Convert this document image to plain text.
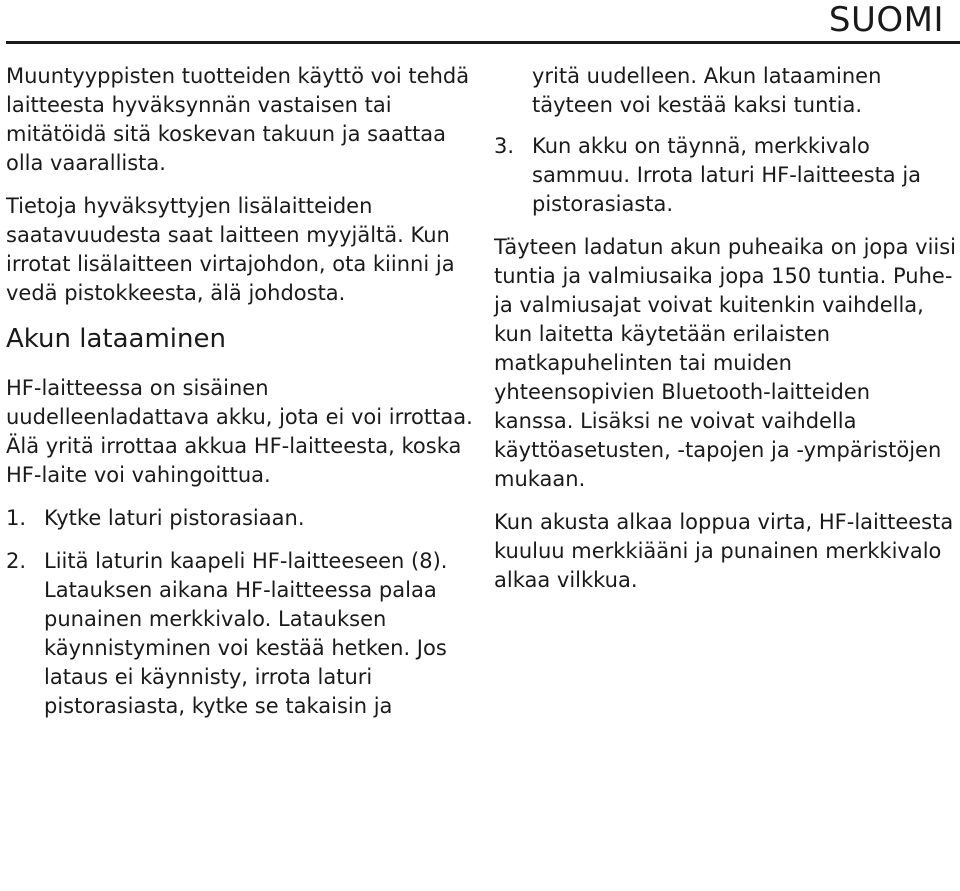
SUOMI

Muuntyyppisten tuotteiden käyttö voi tehdä laitteesta hyväksynnän vastaisen tai mitätöidä sitä koskevan takuun ja saattaa olla vaarallista.

Tietoja hyväksyttyjen lisälaitteiden saatavuudesta saat laitteen myyjältä. Kun irrotat lisälaitteen virtajohdon, ota kiinni ja vedä pistokkeesta, älä johdosta.

Akun lataaminen

HF-laitteessa on sisäinen uudelleenladattava akku, jota ei voi irrottaa. Älä yritä irrottaa akkua HF-laitteesta, koska HF-laite voi vahingoittua.

1. Kytke laturi pistorasiaan.
2. Liitä laturin kaapeli HF-laitteeseen (8). Latauksen aikana HF-laitteessa palaa punainen merkkivalo. Latauksen käynnistyminen voi kestää hetken. Jos lataus ei käynnisty, irrota laturi pistorasiasta, kytke se takaisin ja
yritä uudelleen. Akun lataaminen täyteen voi kestää kaksi tuntia.
3. Kun akku on täynnä, merkkivalo sammuu. Irrota laturi HF-laitteesta ja pistorasiasta.

Täyteen ladatun akun puheaika on jopa viisi tuntia ja valmiusaika jopa 150 tuntia. Puhe- ja valmiusajat voivat kuitenkin vaihdella, kun laitetta käytetään erilaisten matkapuhelinten tai muiden yhteensopivien Bluetooth-laitteiden kanssa. Lisäksi ne voivat vaihdella käyttöasetusten, -tapojen ja -ympäristöjen mukaan.

Kun akusta alkaa loppua virta, HF-laitteesta kuuluu merkkiääni ja punainen merkkivalo alkaa vilkkua.
